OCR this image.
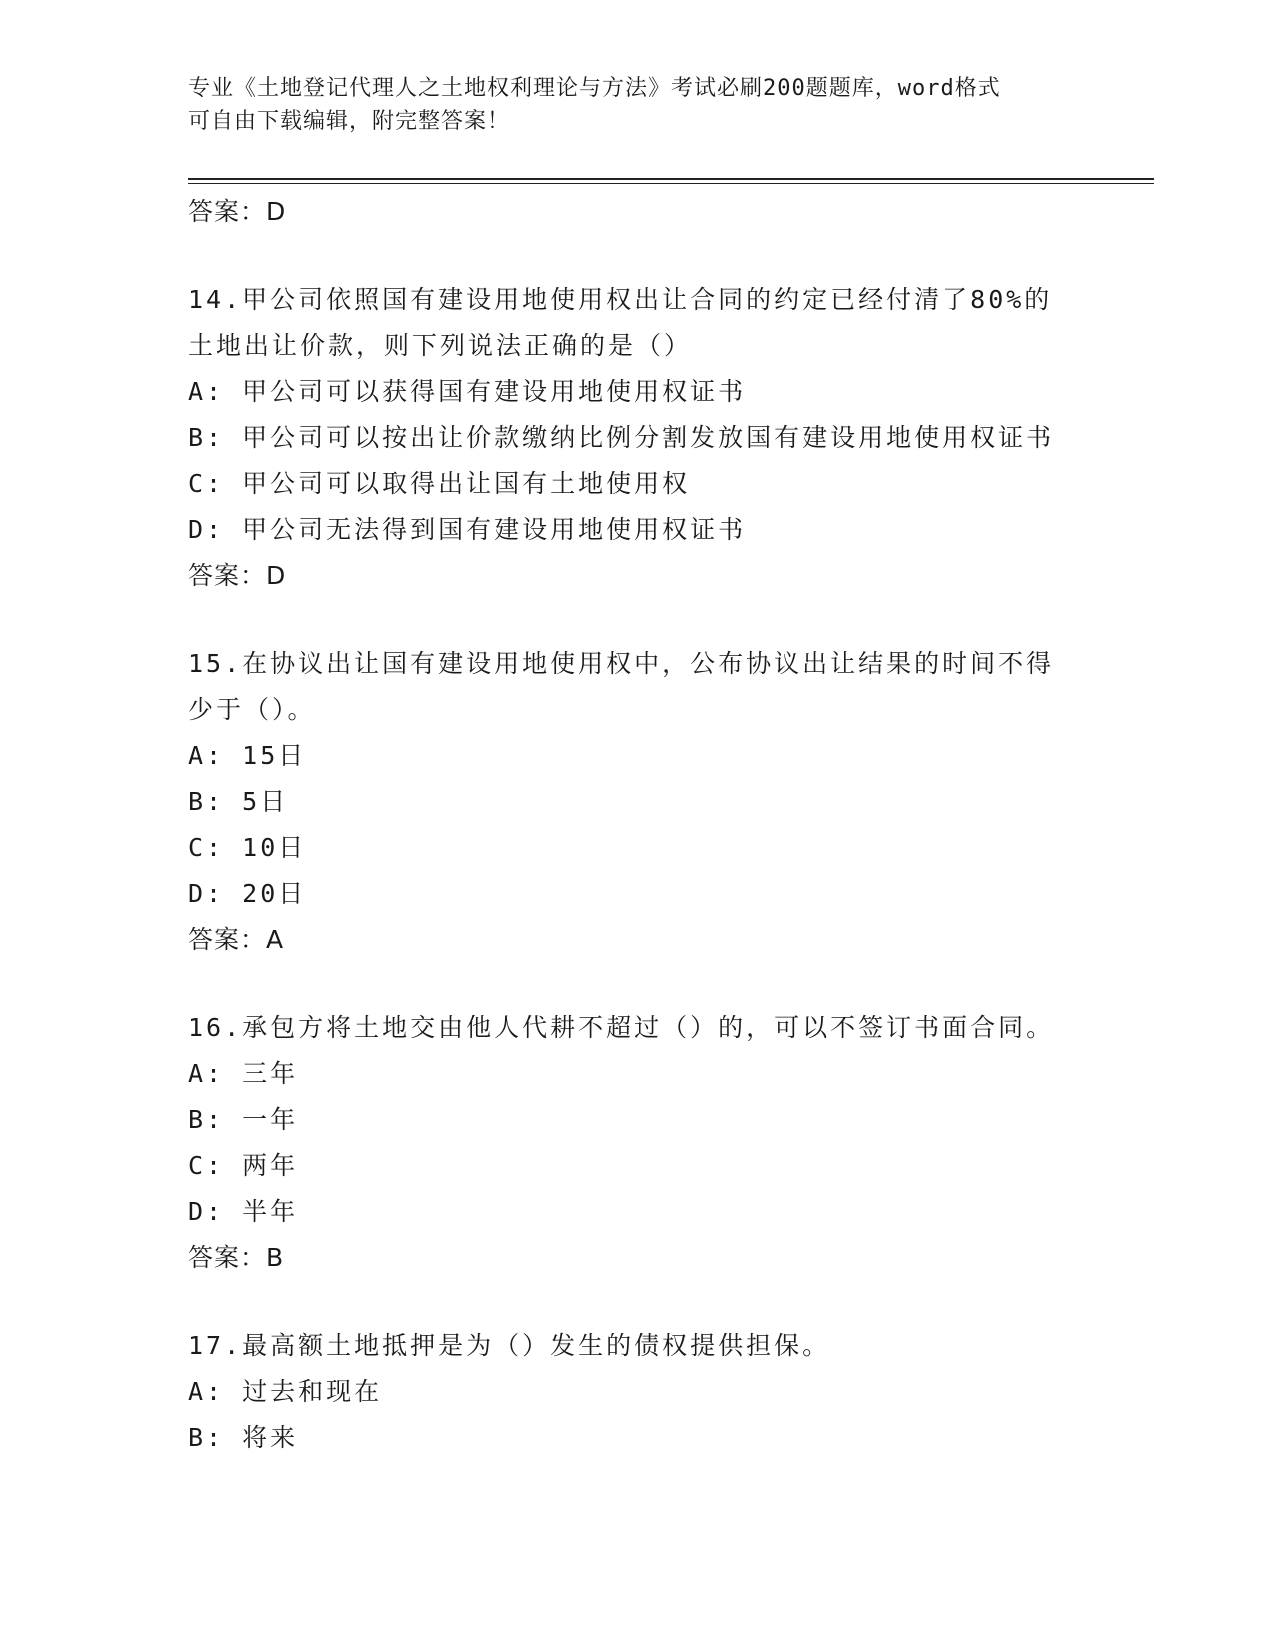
专业《土地登记代理人之土地权利理论与方法》考试必刷200题题库，word格式
可自由下载编辑，附完整答案！
答案：D
14.甲公司依照国有建设用地使用权出让合同的约定已经付清了80%的
土地出让价款，则下列说法正确的是（）
A: 甲公司可以获得国有建设用地使用权证书
B: 甲公司可以按出让价款缴纳比例分割发放国有建设用地使用权证书
C: 甲公司可以取得出让国有土地使用权
D: 甲公司无法得到国有建设用地使用权证书
答案：D
15.在协议出让国有建设用地使用权中，公布协议出让结果的时间不得
少于（）。
A: 15日
B: 5日
C: 10日
D: 20日
答案：A
16.承包方将土地交由他人代耕不超过（）的，可以不签订书面合同。
A: 三年
B: 一年
C: 两年
D: 半年
答案：B
17.最高额土地抵押是为（）发生的债权提供担保。
A: 过去和现在
B: 将来
